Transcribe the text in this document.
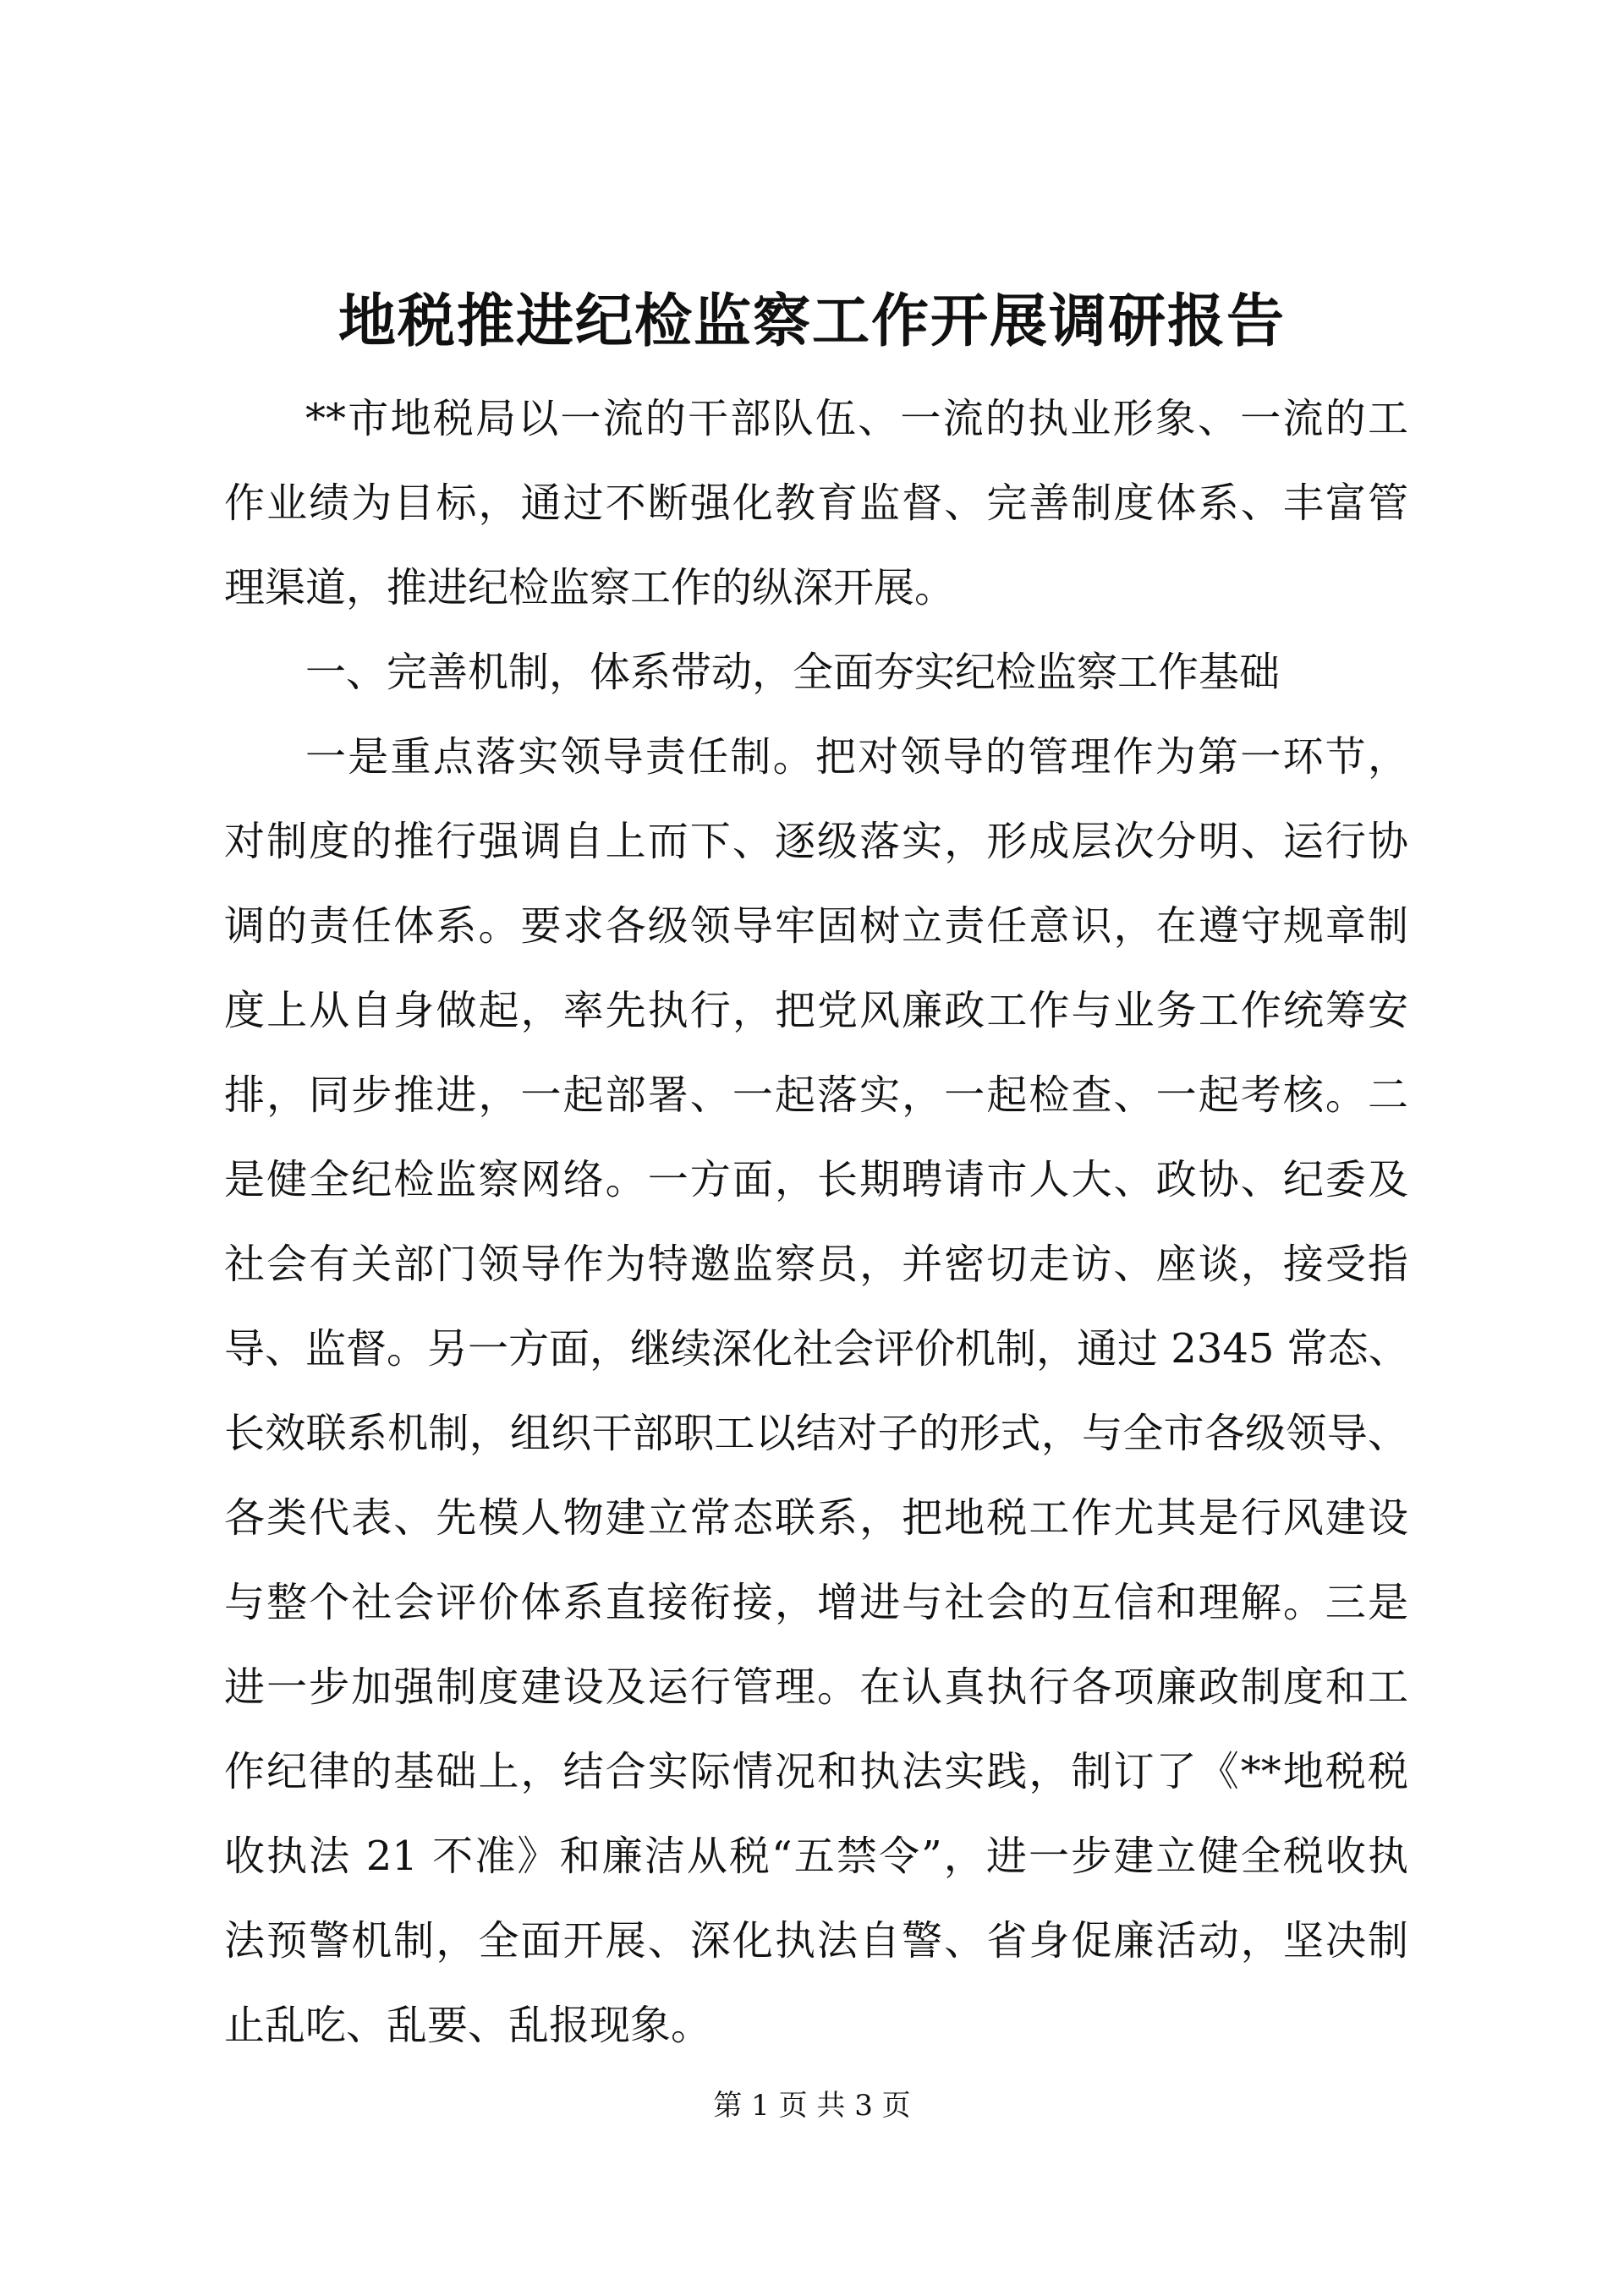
地税推进纪检监察工作开展调研报告
**市地税局以一流的干部队伍、一流的执业形象、一流的工
作业绩为目标，通过不断强化教育监督、完善制度体系、丰富管
理渠道，推进纪检监察工作的纵深开展。
一、完善机制，体系带动，全面夯实纪检监察工作基础
一是重点落实领导责任制。把对领导的管理作为第一环节，
对制度的推行强调自上而下、逐级落实，形成层次分明、运行协
调的责任体系。要求各级领导牢固树立责任意识，在遵守规章制
度上从自身做起，率先执行，把党风廉政工作与业务工作统筹安
排，同步推进，一起部署、一起落实，一起检查、一起考核。二
是健全纪检监察网络。一方面，长期聘请市人大、政协、纪委及
社会有关部门领导作为特邀监察员，并密切走访、座谈，接受指
导、监督。另一方面，继续深化社会评价机制，通过 2345 常态、
长效联系机制，组织干部职工以结对子的形式，与全市各级领导、
各类代表、先模人物建立常态联系，把地税工作尤其是行风建设
与整个社会评价体系直接衔接，增进与社会的互信和理解。三是
进一步加强制度建设及运行管理。在认真执行各项廉政制度和工
作纪律的基础上，结合实际情况和执法实践，制订了《**地税税
收执法 21 不准》和廉洁从税“五禁令”，进一步建立健全税收执
法预警机制，全面开展、深化执法自警、省身促廉活动，坚决制
止乱吃、乱要、乱报现象。
第 1 页 共 3 页
